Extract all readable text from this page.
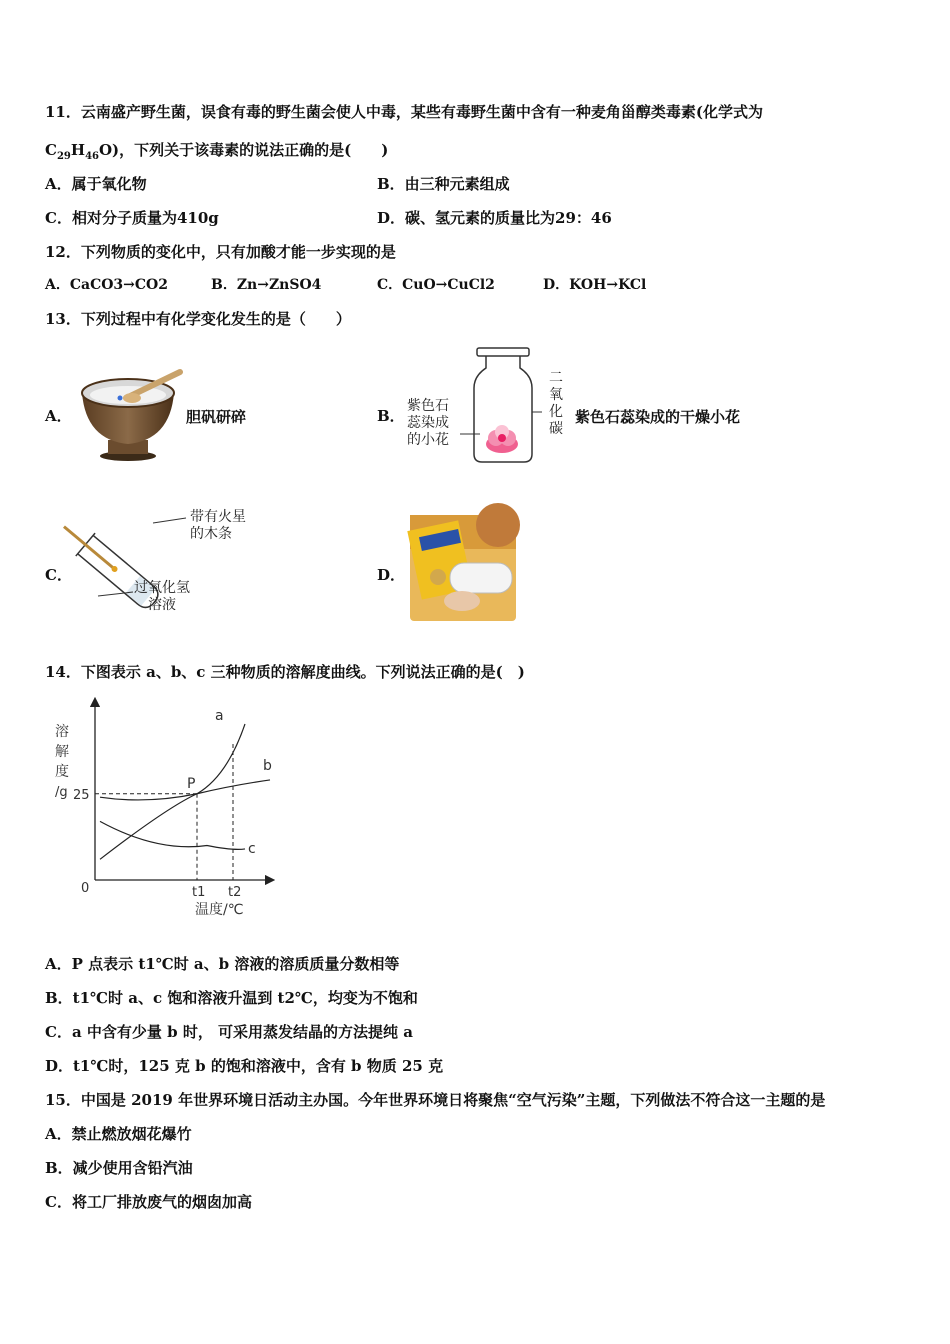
11．云南盛产野生菌，误食有毒的野生菌会使人中毒，某些有毒野生菌中含有一种麦角甾醇类毒素(化学式为
$C_{29}H_{46}O$)，下列关于该毒素的说法正确的是(　　)
A．属于氧化物	B．由三种元素组成
C．相对分子质量为410g	D．碳、氢元素的质量比为29：46
12．下列物质的变化中，只有加酸才能一步实现的是
A．CaCO3→CO2	B．Zn→ZnSO4	C．CuO→CuCl2	D．KOH→KCl
13．下列过程中有化学变化发生的是（　　）
A．	胆矾研碎	B．
紫色石
蕊染成
的小花
二
氧
化
碳
紫色石蕊染成的干燥小花
C．
带有火星
的木条
过氧化氢
溶液
D．
14．下图表示 a、b、c 三种物质的溶解度曲线。下列说法正确的是(　)
25
P
t1 t2
a
b
c
溶
解
度
/g
0
温度/℃
A．P 点表示 t1℃时 a、b 溶液的溶质质量分数相等
B．t1℃时 a、c 饱和溶液升温到 t2℃，均变为不饱和
C．a 中含有少量 b 时， 可采用蒸发结晶的方法提纯 a
D．t1℃时，125 克 b 的饱和溶液中，含有 b 物质 25 克
15．中国是 2019 年世界环境日活动主办国。今年世界环境日将聚焦“空气污染”主题，下列做法不符合这一主题的是
A．禁止燃放烟花爆竹
B．减少使用含铅汽油
C．将工厂排放废气的烟囱加高
